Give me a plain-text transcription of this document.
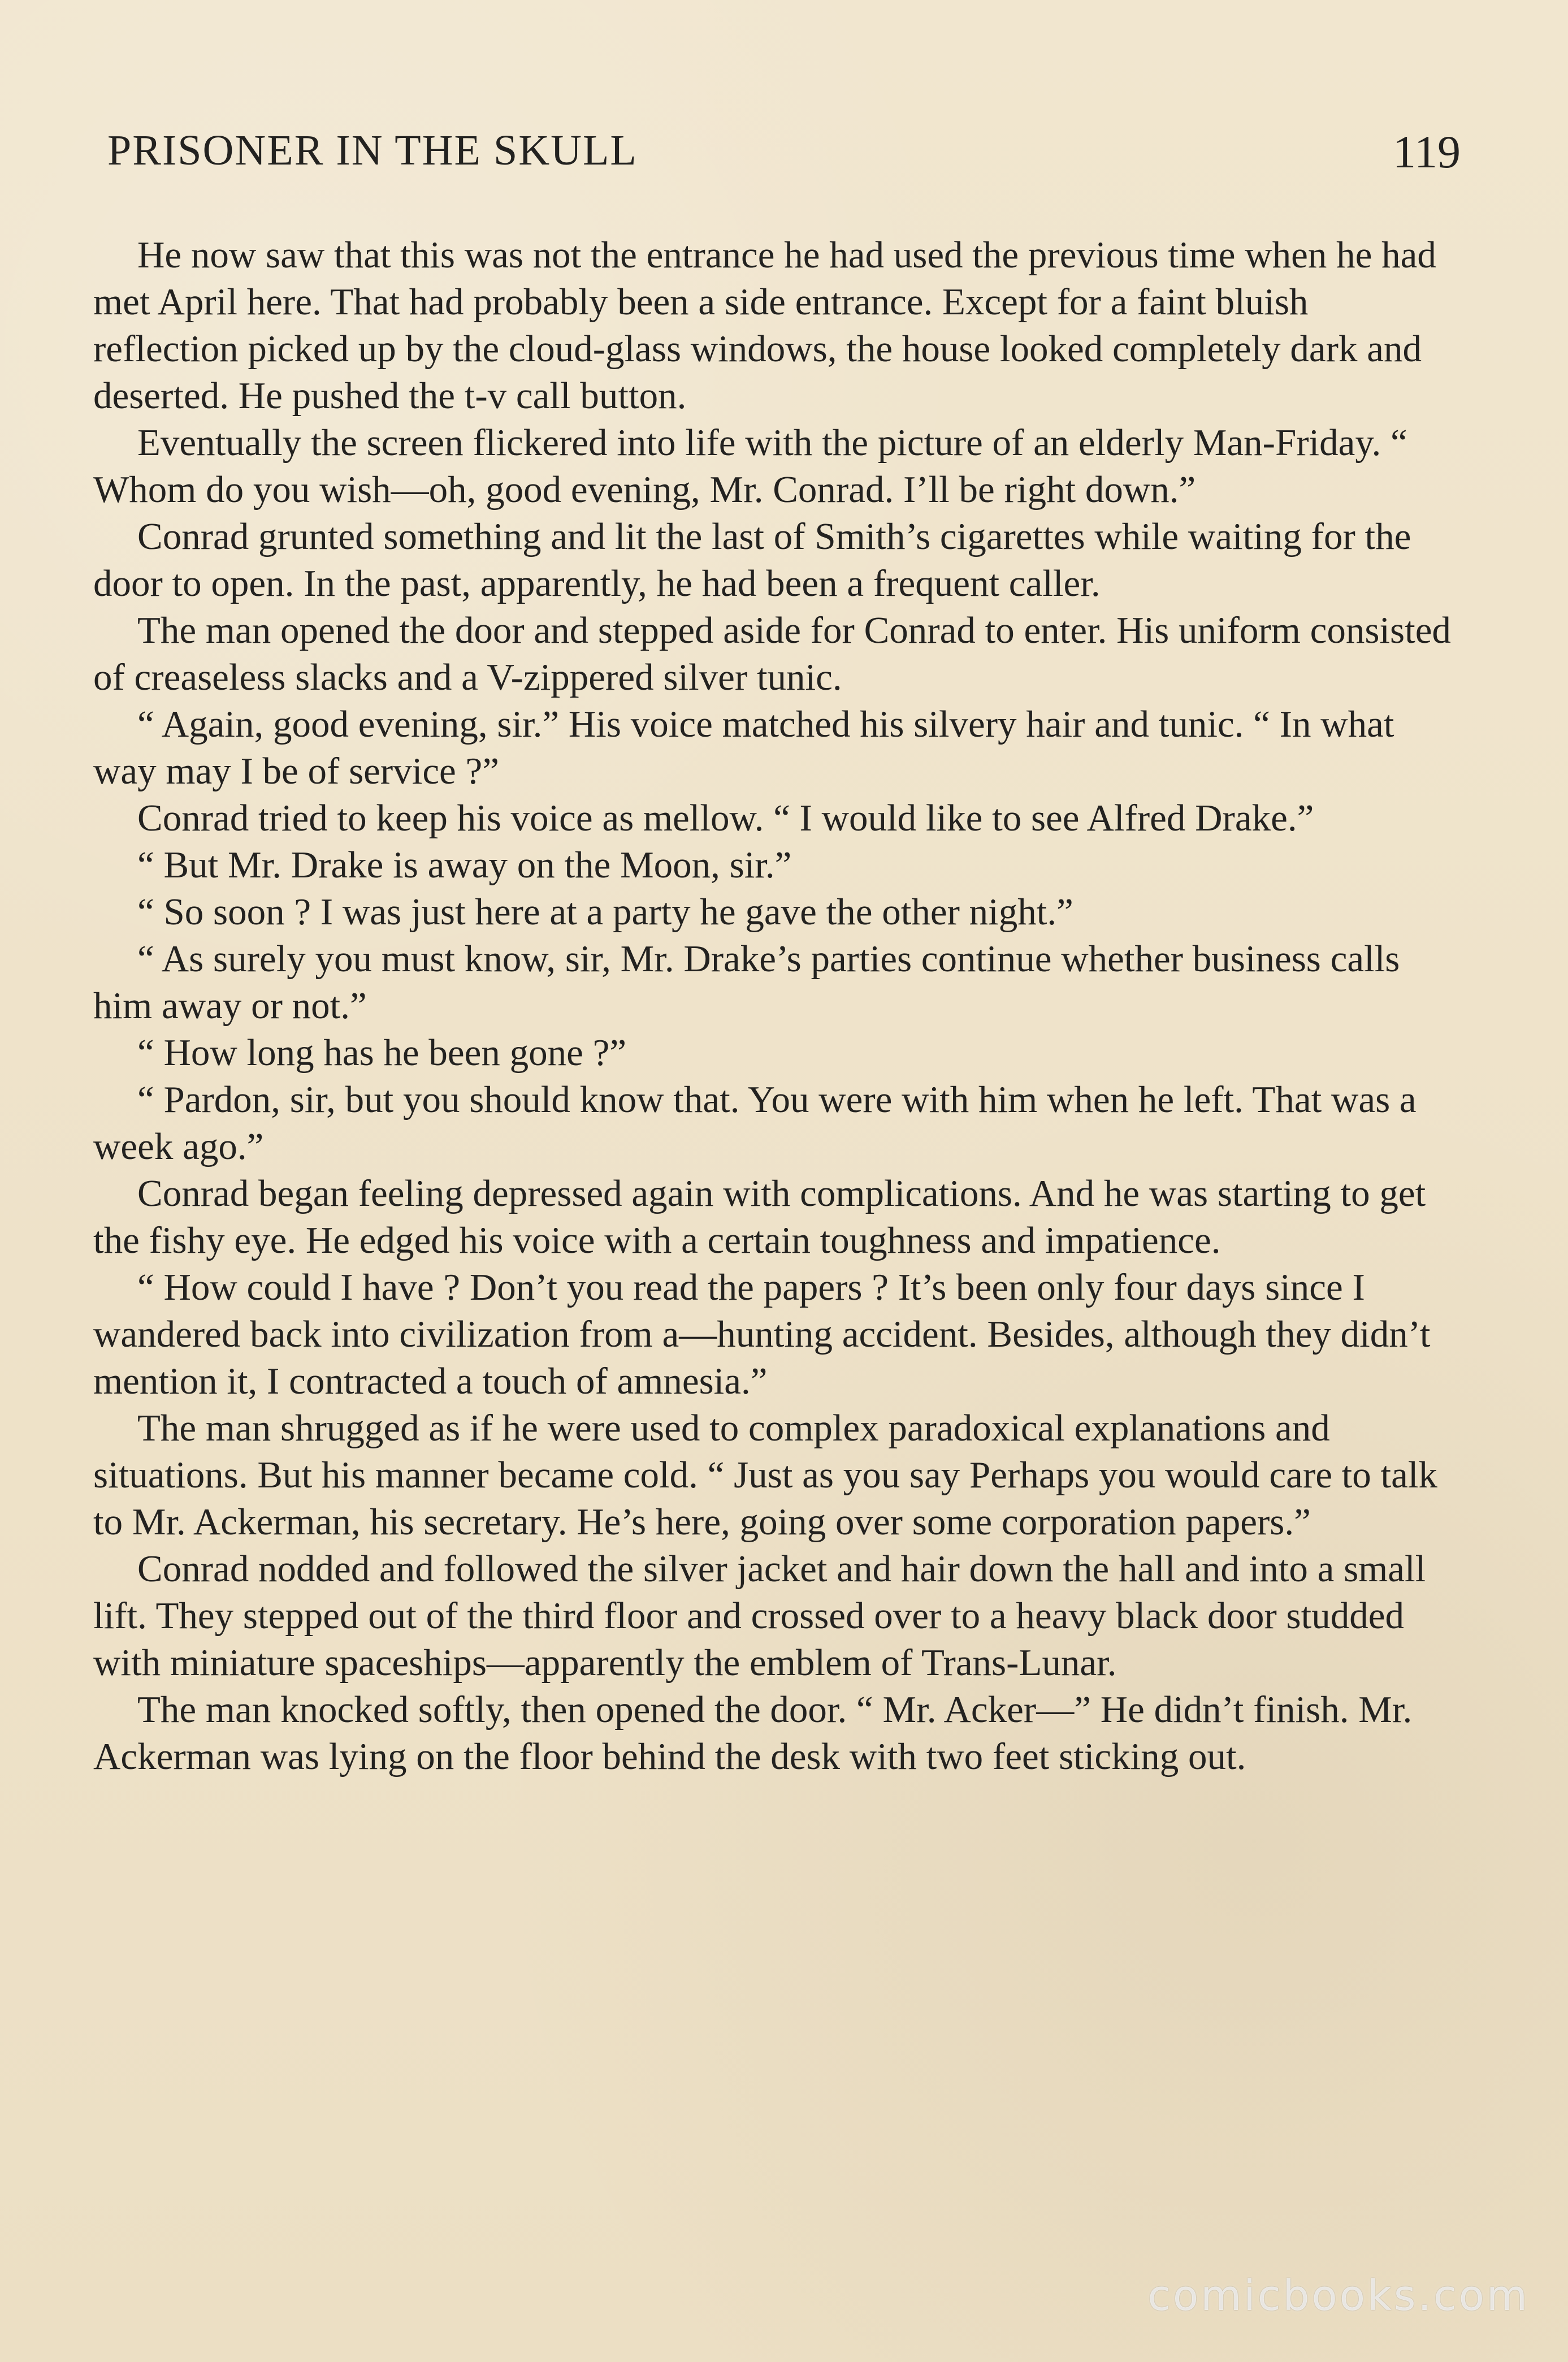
PRISONER IN THE SKULL	119

He now saw that this was not the entrance he had used the previous time when he had met April here. That had probably been a side entrance. Except for a faint bluish reflection picked up by the cloud-glass windows, the house looked completely dark and deserted. He pushed the t-v call button.

Eventually the screen flickered into life with the picture of an elderly Man-Friday. “ Whom do you wish—oh, good evening, Mr. Conrad. I’ll be right down.”

Conrad grunted something and lit the last of Smith’s cigarettes while waiting for the door to open. In the past, apparently, he had been a frequent caller.

The man opened the door and stepped aside for Conrad to enter. His uniform consisted of creaseless slacks and a V-zippered silver tunic.

“ Again, good evening, sir.” His voice matched his silvery hair and tunic. “ In what way may I be of service ?”

Conrad tried to keep his voice as mellow. “ I would like to see Alfred Drake.”

“ But Mr. Drake is away on the Moon, sir.”

“ So soon ? I was just here at a party he gave the other night.”

“ As surely you must know, sir, Mr. Drake’s parties continue whether business calls him away or not.”

“ How long has he been gone ?”

“ Pardon, sir, but you should know that. You were with him when he left. That was a week ago.”

Conrad began feeling depressed again with complications. And he was starting to get the fishy eye. He edged his voice with a certain toughness and impatience.

“ How could I have ? Don’t you read the papers ? It’s been only four days since I wandered back into civilization from a—hunting accident. Besides, although they didn’t mention it, I contracted a touch of amnesia.”

The man shrugged as if he were used to complex paradoxical explanations and situations. But his manner became cold. “ Just as you say Perhaps you would care to talk to Mr. Ackerman, his secretary. He’s here, going over some corporation papers.”

Conrad nodded and followed the silver jacket and hair down the hall and into a small lift. They stepped out of the third floor and crossed over to a heavy black door studded with miniature spaceships—apparently the emblem of Trans-Lunar.

The man knocked softly, then opened the door. “ Mr. Acker—” He didn’t finish. Mr. Ackerman was lying on the floor behind the desk with two feet sticking out.

comicbooks.com
